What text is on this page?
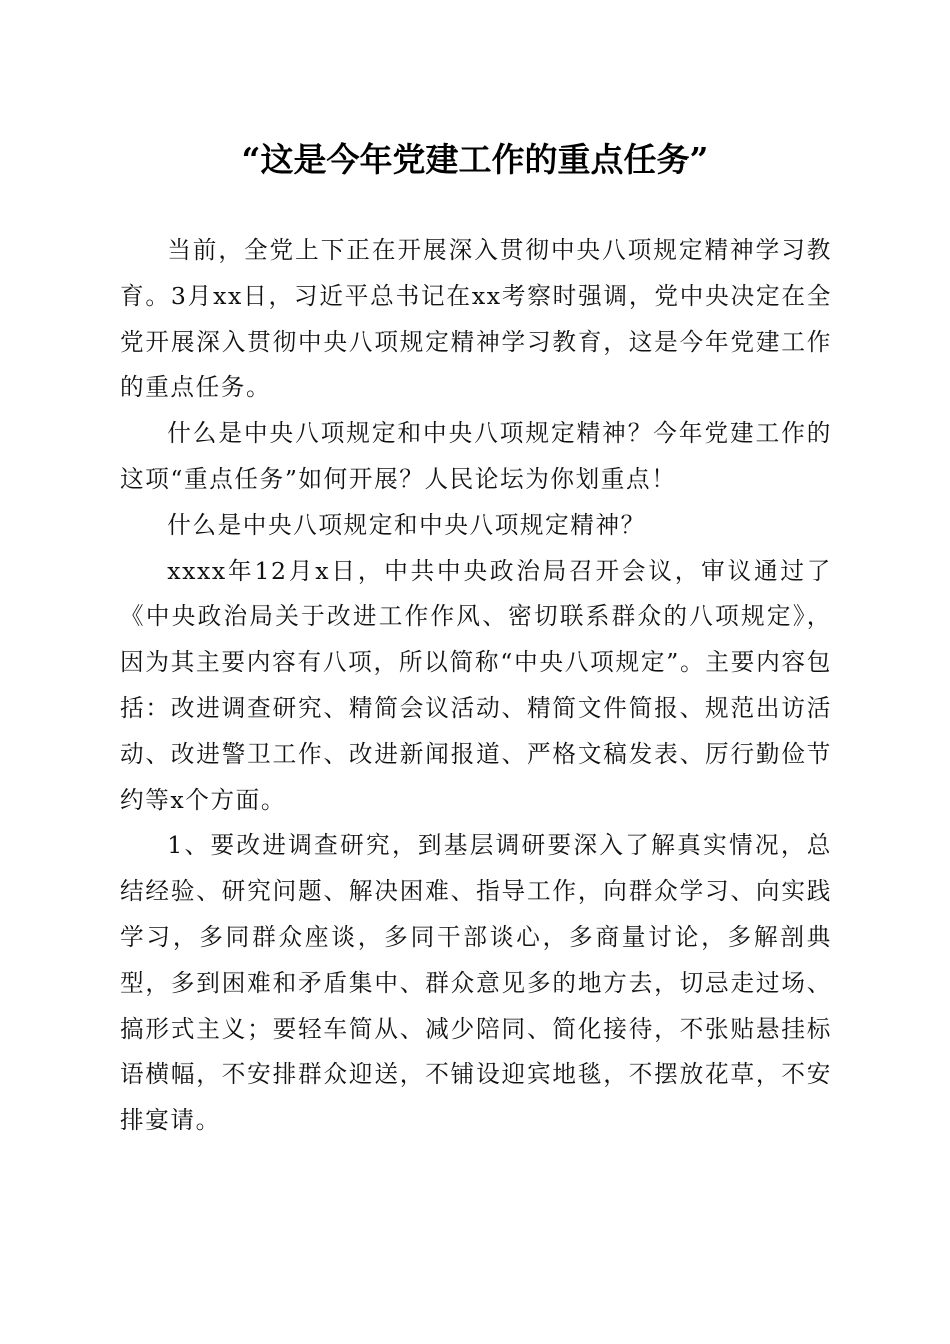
“这是今年党建工作的重点任务”

当前，全党上下正在开展深入贯彻中央八项规定精神学习教育。3月xx日，习近平总书记在xx考察时强调，党中央决定在全党开展深入贯彻中央八项规定精神学习教育，这是今年党建工作的重点任务。

什么是中央八项规定和中央八项规定精神？今年党建工作的这项“重点任务”如何开展？人民论坛为你划重点！

什么是中央八项规定和中央八项规定精神？

xxxx年12月x日，中共中央政治局召开会议，审议通过了《中央政治局关于改进工作作风、密切联系群众的八项规定》，因为其主要内容有八项，所以简称“中央八项规定”。主要内容包括：改进调查研究、精简会议活动、精简文件简报、规范出访活动、改进警卫工作、改进新闻报道、严格文稿发表、厉行勤俭节约等x个方面。

1、要改进调查研究，到基层调研要深入了解真实情况，总结经验、研究问题、解决困难、指导工作，向群众学习、向实践学习，多同群众座谈，多同干部谈心，多商量讨论，多解剖典型，多到困难和矛盾集中、群众意见多的地方去，切忌走过场、搞形式主义；要轻车简从、减少陪同、简化接待，不张贴悬挂标语横幅，不安排群众迎送，不铺设迎宾地毯，不摆放花草，不安排宴请。
